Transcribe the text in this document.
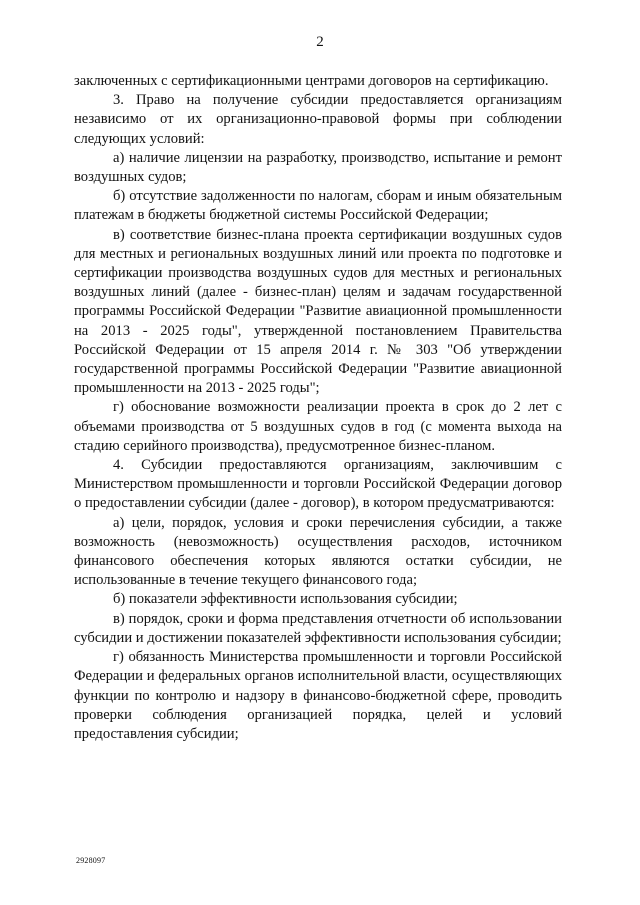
2

заключенных с сертификационными центрами договоров на сертификацию.

3. Право на получение субсидии предоставляется организациям независимо от их организационно-правовой формы при соблюдении следующих условий:

а) наличие лицензии на разработку, производство, испытание и ремонт воздушных судов;

б) отсутствие задолженности по налогам, сборам и иным обязательным платежам в бюджеты бюджетной системы Российской Федерации;

в) соответствие бизнес-плана проекта сертификации воздушных судов для местных и региональных воздушных линий или проекта по подготовке и сертификации производства воздушных судов для местных и региональных воздушных линий (далее - бизнес-план) целям и задачам государственной программы Российской Федерации "Развитие авиационной промышленности на 2013 - 2025 годы", утвержденной постановлением Правительства Российской Федерации от 15 апреля 2014 г. № 303 "Об утверждении государственной программы Российской Федерации "Развитие авиационной промышленности на 2013 - 2025 годы";

г) обоснование возможности реализации проекта в срок до 2 лет с объемами производства от 5 воздушных судов в год (с момента выхода на стадию серийного производства), предусмотренное бизнес-планом.

4. Субсидии предоставляются организациям, заключившим с Министерством промышленности и торговли Российской Федерации договор о предоставлении субсидии (далее - договор), в котором предусматриваются:

а) цели, порядок, условия и сроки перечисления субсидии, а также возможность (невозможность) осуществления расходов, источником финансового обеспечения которых являются остатки субсидии, не использованные в течение текущего финансового года;

б) показатели эффективности использования субсидии;

в) порядок, сроки и форма представления отчетности об использовании субсидии и достижении показателей эффективности использования субсидии;

г) обязанность Министерства промышленности и торговли Российской Федерации и федеральных органов исполнительной власти, осуществляющих функции по контролю и надзору в финансово-бюджетной сфере, проводить проверки соблюдения организацией порядка, целей и условий предоставления субсидии;

2928097
